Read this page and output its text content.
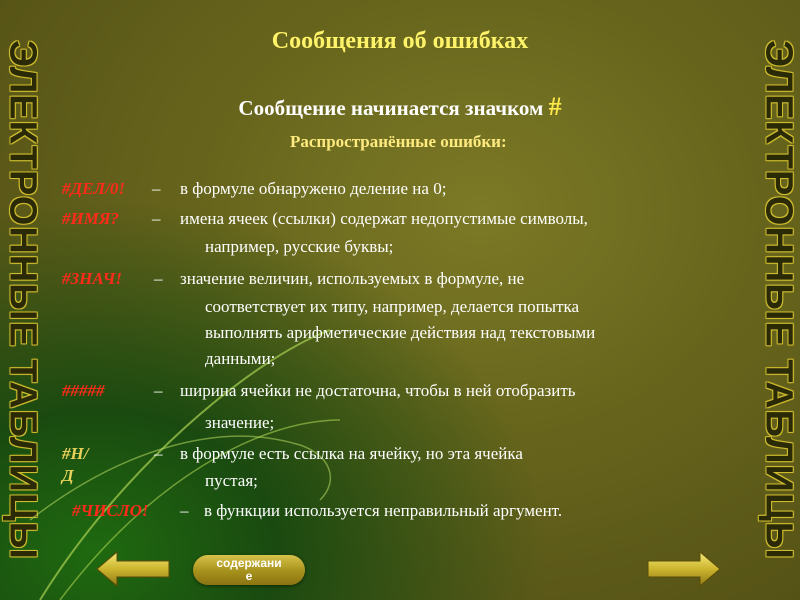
ЭЛЕКТРОННЫЕ ТАБЛИЦЫ	ЭЛЕКТРОННЫЕ ТАБЛИЦЫ
Сообщения об ошибках
Сообщение начинается значком #
Распространённые ошибки:
#ДЕЛ/0! – в формуле обнаружено деление на 0;
#ИМЯ? – имена ячеек (ссылки) содержат недопустимые символы,
например, русские буквы;
#ЗНАЧ! – значение величин, используемых в формуле, не
соответствует их типу, например, делается попытка
выполнять арифметические действия над текстовыми
данными;
#####	– ширина ячейки не достаточна, чтобы в ней отобразить
значение;
#Н/Д
– в формуле есть ссылка на ячейку, но эта ячейка
пустая;
#ЧИСЛО! – в функции используется неправильный аргумент.
содержани
е
